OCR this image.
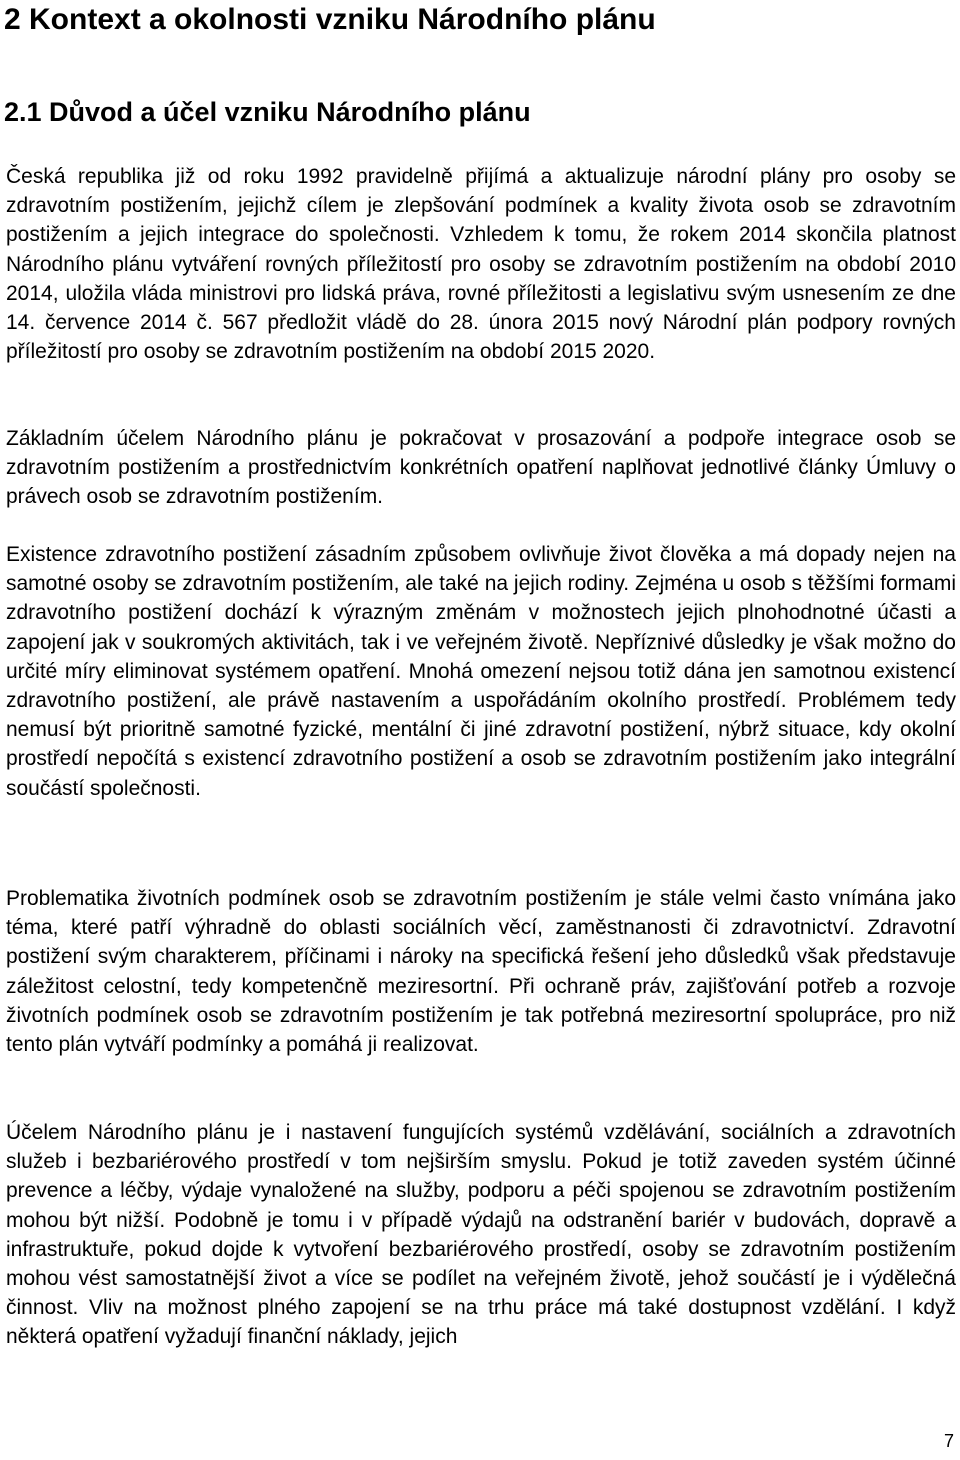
2 Kontext a okolnosti vzniku Národního plánu
2.1 Důvod a účel vzniku Národního plánu

Česká republika již od roku 1992 pravidelně přijímá a aktualizuje národní plány pro osoby se zdravotním postižením, jejichž cílem je zlepšování podmínek a kvality života osob se zdravotním postižením a jejich integrace do společnosti. Vzhledem k tomu, že rokem 2014 skončila platnost Národního plánu vytváření rovných příležitostí pro osoby se zdravotním postižením na období 2010 2014, uložila vláda ministrovi pro lidská práva, rovné příležitosti a legislativu svým usnesením ze dne 14. července 2014 č. 567 předložit vládě do 28. února 2015 nový Národní plán podpory rovných příležitostí pro osoby se zdravotním postižením na období 2015 2020.

Základním účelem Národního plánu je pokračovat v prosazování a podpoře integrace osob se zdravotním postižením a prostřednictvím konkrétních opatření naplňovat jednotlivé články Úmluvy o právech osob se zdravotním postižením.

Existence zdravotního postižení zásadním způsobem ovlivňuje život člověka a má dopady nejen na samotné osoby se zdravotním postižením, ale také na jejich rodiny. Zejména u osob s těžšími formami zdravotního postižení dochází k výrazným změnám v možnostech jejich plnohodnotné účasti a zapojení jak v soukromých aktivitách, tak i ve veřejném životě. Nepříznivé důsledky je však možno do určité míry eliminovat systémem opatření. Mnohá omezení nejsou totiž dána jen samotnou existencí zdravotního postižení, ale právě nastavením a uspořádáním okolního prostředí. Problémem tedy nemusí být prioritně samotné fyzické, mentální či jiné zdravotní postižení, nýbrž situace, kdy okolní prostředí nepočítá s existencí zdravotního postižení a osob se zdravotním postižením jako integrální součástí společnosti.

Problematika životních podmínek osob se zdravotním postižením je stále velmi často vnímána jako téma, které patří výhradně do oblasti sociálních věcí, zaměstnanosti či zdravotnictví. Zdravotní postižení svým charakterem, příčinami i nároky na specifická řešení jeho důsledků však představuje záležitost celostní, tedy kompetenčně meziresortní. Při ochraně práv, zajišťování potřeb a rozvoje životních podmínek osob se zdravotním postižením je tak potřebná meziresortní spolupráce, pro niž tento plán vytváří podmínky a pomáhá ji realizovat.

Účelem Národního plánu je i nastavení fungujících systémů vzdělávání, sociálních a zdravotních služeb i bezbariérového prostředí v tom nejširším smyslu. Pokud je totiž zaveden systém účinné prevence a léčby, výdaje vynaložené na služby, podporu a péči spojenou se zdravotním postižením mohou být nižší. Podobně je tomu i v případě výdajů na odstranění bariér v budovách, dopravě a infrastruktuře, pokud dojde k vytvoření bezbariérového prostředí, osoby se zdravotním postižením mohou vést samostatnější život a více se podílet na veřejném životě, jehož součástí je i výdělečná činnost. Vliv na možnost plného zapojení se na trhu práce má také dostupnost vzdělání. I když některá opatření vyžadují finanční náklady, jejich

7
